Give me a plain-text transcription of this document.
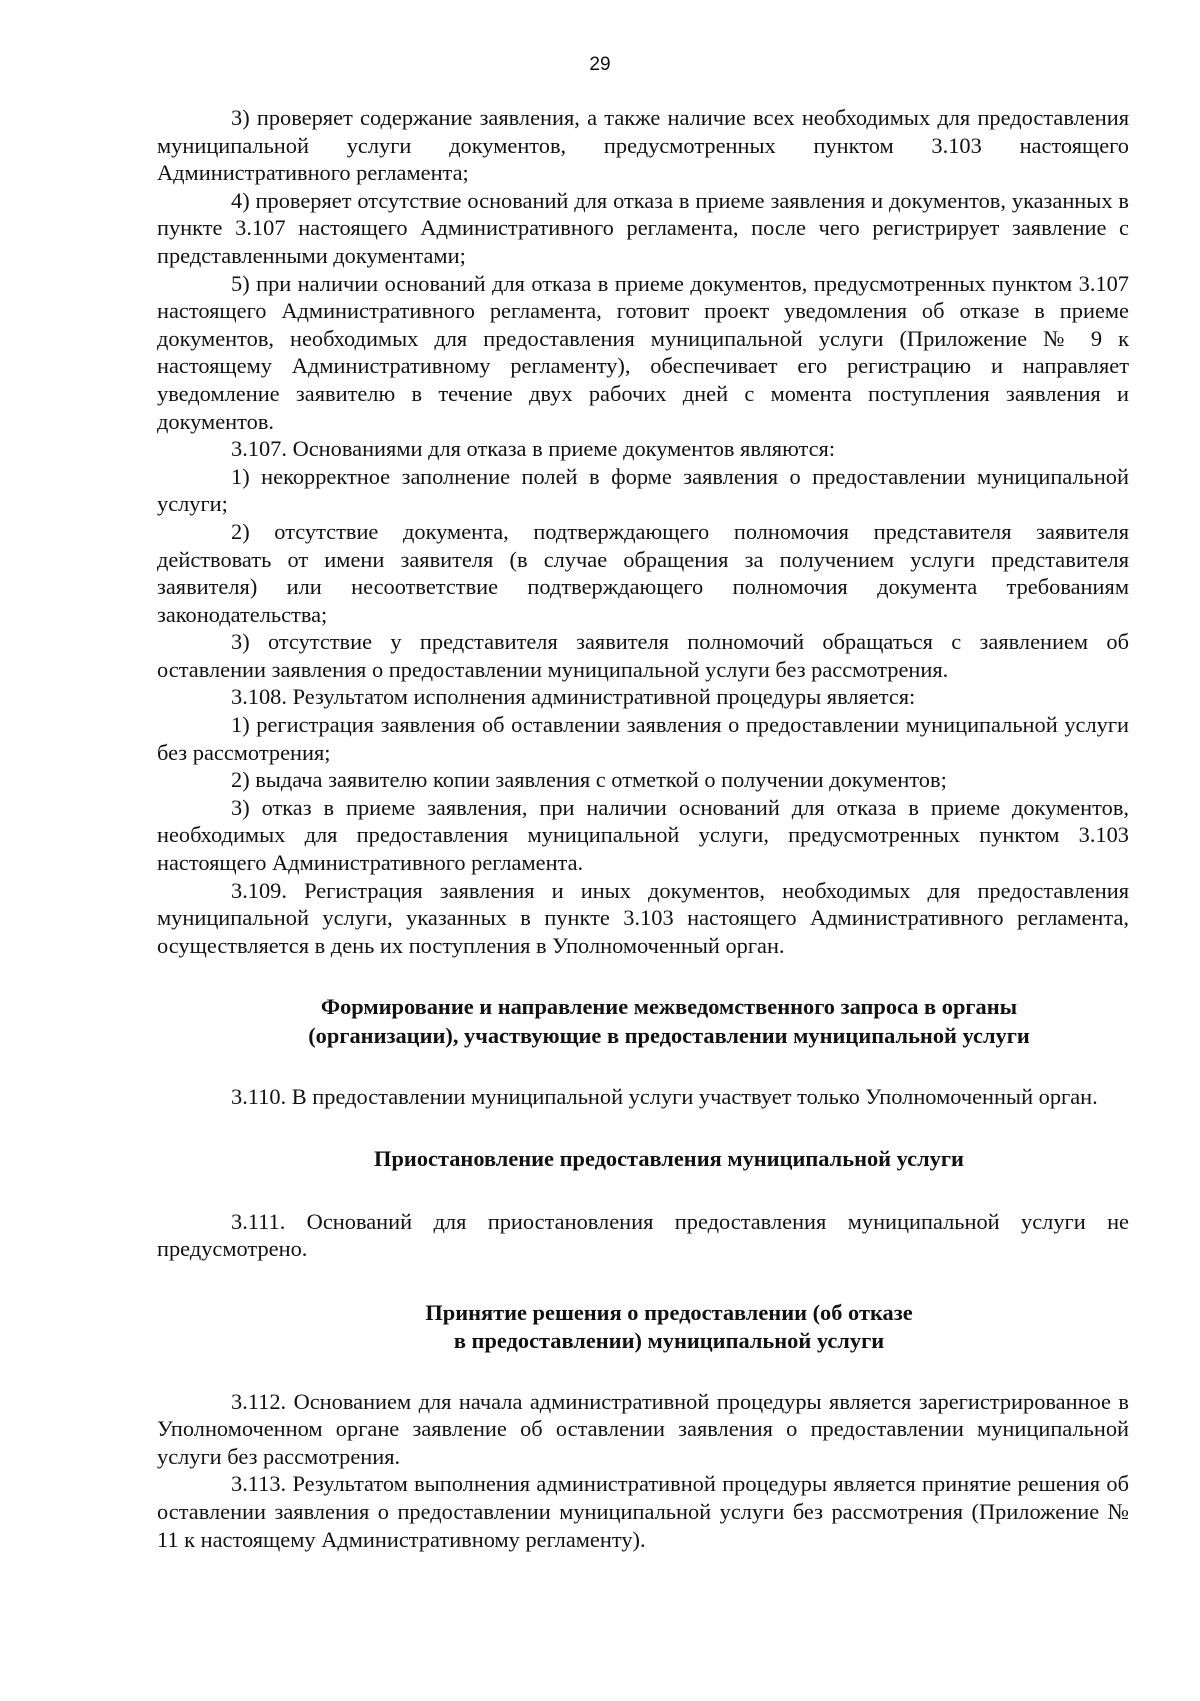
29

3) проверяет содержание заявления, а также наличие всех необходимых для предоставления муниципальной услуги документов, предусмотренных пунктом 3.103 настоящего Административного регламента;

4) проверяет отсутствие оснований для отказа в приеме заявления и документов, указанных в пункте 3.107 настоящего Административного регламента, после чего регистрирует заявление с представленными документами;

5) при наличии оснований для отказа в приеме документов, предусмотренных пунктом 3.107 настоящего Административного регламента, готовит проект уведомления об отказе в приеме документов, необходимых для предоставления муниципальной услуги (Приложение № 9 к настоящему Административному регламенту), обеспечивает его регистрацию и направляет уведомление заявителю в течение двух рабочих дней с момента поступления заявления и документов.

3.107. Основаниями для отказа в приеме документов являются:

1) некорректное заполнение полей в форме заявления о предоставлении муниципальной услуги;

2) отсутствие документа, подтверждающего полномочия представителя заявителя действовать от имени заявителя (в случае обращения за получением услуги представителя заявителя) или несоответствие подтверждающего полномочия документа требованиям законодательства;

3) отсутствие у представителя заявителя полномочий обращаться с заявлением об оставлении заявления о предоставлении муниципальной услуги без рассмотрения.

3.108. Результатом исполнения административной процедуры является:

1) регистрация заявления об оставлении заявления о предоставлении муниципальной услуги без рассмотрения;

2) выдача заявителю копии заявления с отметкой о получении документов;

3) отказ в приеме заявления, при наличии оснований для отказа в приеме документов, необходимых для предоставления муниципальной услуги, предусмотренных пунктом 3.103 настоящего Административного регламента.

3.109. Регистрация заявления и иных документов, необходимых для предоставления муниципальной услуги, указанных в пункте 3.103 настоящего Административного регламента, осуществляется в день их поступления в Уполномоченный орган.

Формирование и направление межведомственного запроса в органы
(организации), участвующие в предоставлении муниципальной услуги

3.110. В предоставлении муниципальной услуги участвует только Уполномоченный орган.

Приостановление предоставления муниципальной услуги

3.111. Оснований для приостановления предоставления муниципальной услуги не предусмотрено.

Принятие решения о предоставлении (об отказе
в предоставлении) муниципальной услуги

3.112. Основанием для начала административной процедуры является зарегистрированное в Уполномоченном органе заявление об оставлении заявления о предоставлении муниципальной услуги без рассмотрения.

3.113. Результатом выполнения административной процедуры является принятие решения об оставлении заявления о предоставлении муниципальной услуги без рассмотрения (Приложение № 11 к настоящему Административному регламенту).
